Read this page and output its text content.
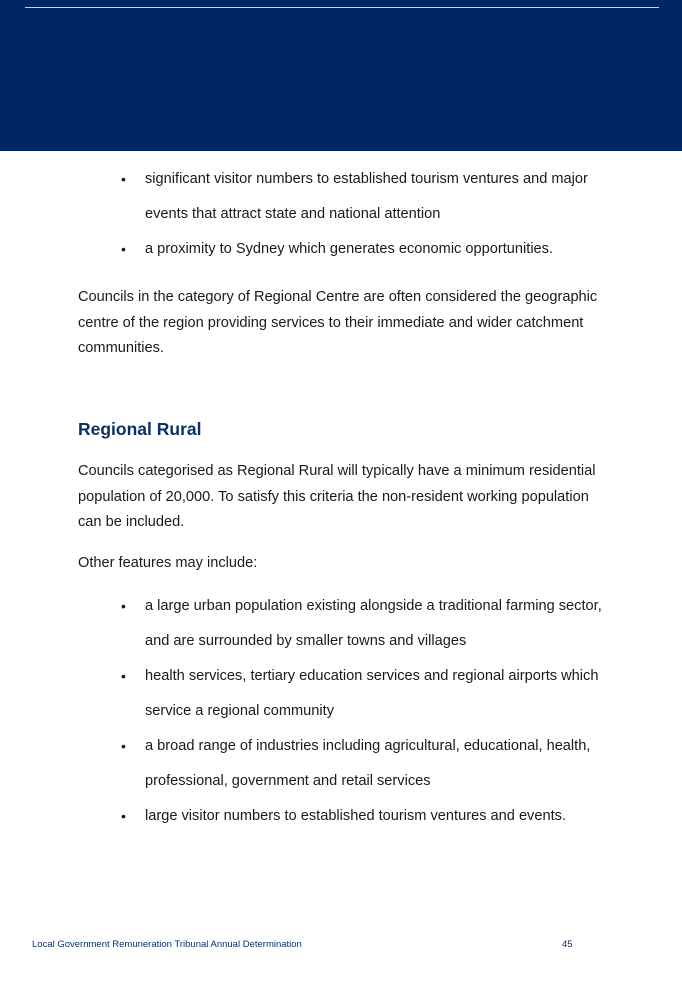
• significant visitor numbers to established tourism ventures and major events that attract state and national attention
• a proximity to Sydney which generates economic opportunities.

Councils in the category of Regional Centre are often considered the geographic centre of the region providing services to their immediate and wider catchment communities.

Regional Rural

Councils categorised as Regional Rural will typically have a minimum residential population of 20,000. To satisfy this criteria the non-resident working population can be included.

Other features may include:

• a large urban population existing alongside a traditional farming sector, and are surrounded by smaller towns and villages
• health services, tertiary education services and regional airports which service a regional community
• a broad range of industries including agricultural, educational, health, professional, government and retail services
• large visitor numbers to established tourism ventures and events.
Local Government Remuneration Tribunal Annual Determination	45
